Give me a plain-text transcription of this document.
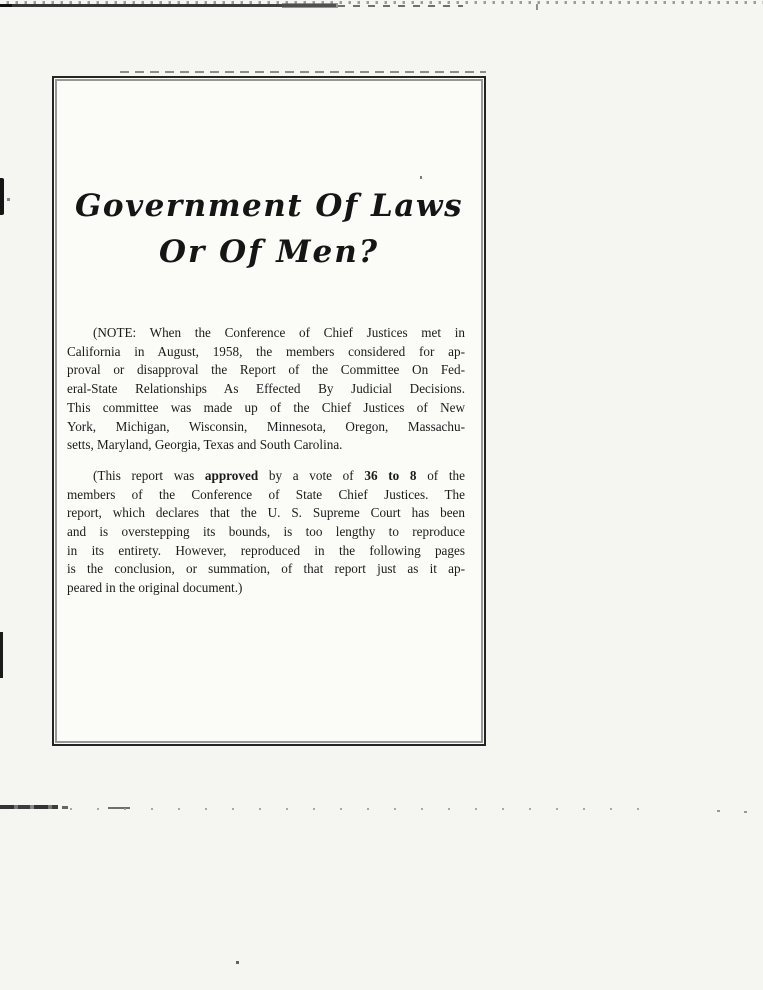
Government Of Laws
Or Of Men?
(NOTE: When the Conference of Chief Justices met in
California in August, 1958, the members considered for ap-
proval or disapproval the Report of the Committee On Fed-
eral-State Relationships As Effected By Judicial Decisions.
This committee was made up of the Chief Justices of New
York, Michigan, Wisconsin, Minnesota, Oregon, Massachu-
setts, Maryland, Georgia, Texas and South Carolina.
(This report was approved by a vote of 36 to 8 of the
members of the Conference of State Chief Justices. The
report, which declares that the U. S. Supreme Court has been
and is overstepping its bounds, is too lengthy to reproduce
in its entirety. However, reproduced in the following pages
is the conclusion, or summation, of that report just as it ap-
peared in the original document.)
